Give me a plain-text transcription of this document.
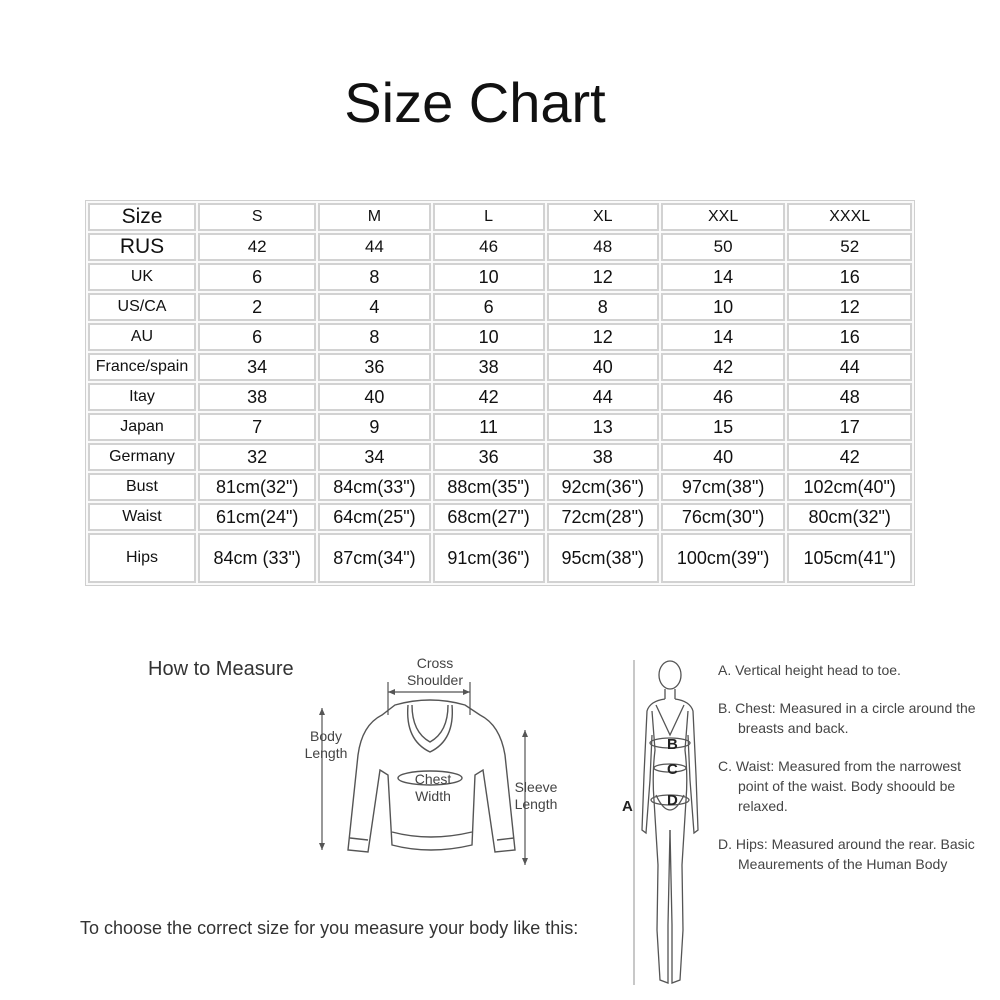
Size Chart
Size	S	M	L	XL	XXL	XXXL
RUS	42	44	46	48	50	52
UK	6	8	10	12	14	16
US/CA	2	4	6	8	10	12
AU	6	8	10	12	14	16
France/spain	34	36	38	40	42	44
Itay	38	40	42	44	46	48
Japan	7	9	11	13	15	17
Germany	32	34	36	38	40	42
Bust	81cm(32")	84cm(33")	88cm(35")	92cm(36")	97cm(38")	102cm(40")
Waist	61cm(24")	64cm(25")	68cm(27")	72cm(28")	76cm(30")	80cm(32")
Hips	84cm (33")	87cm(34")	91cm(36")	95cm(38")	100cm(39")	105cm(41")
How to Measure	Cross Shoulder
Body Length
Chest Width
Sleeve Length
To choose the correct size for you measure your body like this:
A
B
C
D
A. Vertical height head to toe.
B. Chest: Measured in a circle around the breasts and back.
C. Waist: Measured from the narrowest point of the waist. Body shoould be relaxed.
D. Hips: Measured around the rear. Basic Meaurements of the Human Body
